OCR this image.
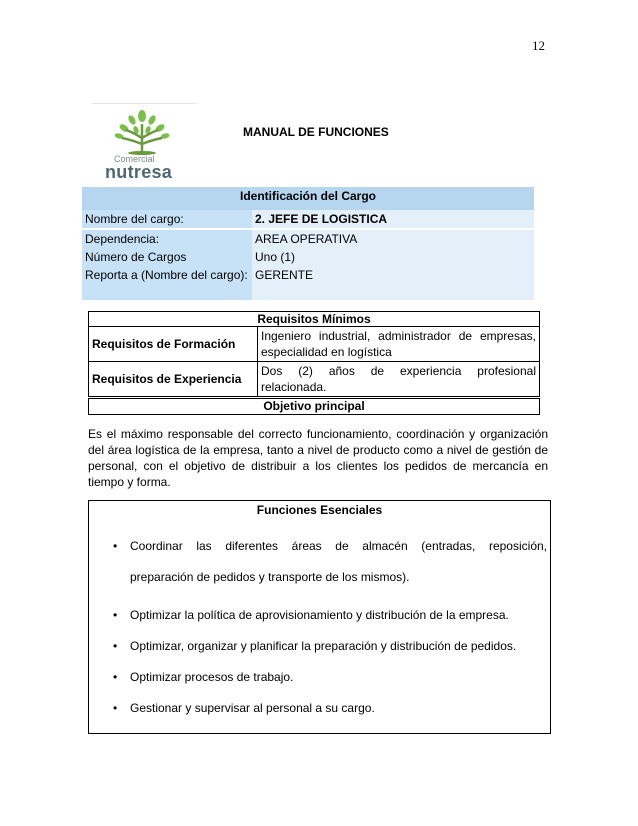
12
Comercial
nutresa
MANUAL DE FUNCIONES
Identificación del Cargo	
Nombre del cargo:	2. JEFE DE LOGISTICA

Dependencia:	AREA OPERATIVA
Número de Cargos	Uno (1)
Reporta a (Nombre del cargo):	GERENTE
Requisitos Mínimos
Requisitos de Formación	Ingeniero industrial, administrador de empresas,
especialidad en logística

Requisitos de Experiencia	Dos (2) años de experiencia profesional
relacionada.
Objetivo principal
Es el máximo responsable del correcto funcionamiento, coordinación y organización del área logística de la empresa, tanto a nivel de producto como a nivel de gestión de personal, con el objetivo de distribuir a los clientes los pedidos de mercancía en tiempo y forma.
Funciones Esenciales
• Coordinar las diferentes áreas de almacén (entradas, reposición,
preparación de pedidos y transporte de los mismos).
• Optimizar la política de aprovisionamiento y distribución de la empresa.
• Optimizar, organizar y planificar la preparación y distribución de pedidos.
• Optimizar procesos de trabajo.
• Gestionar y supervisar al personal a su cargo.
